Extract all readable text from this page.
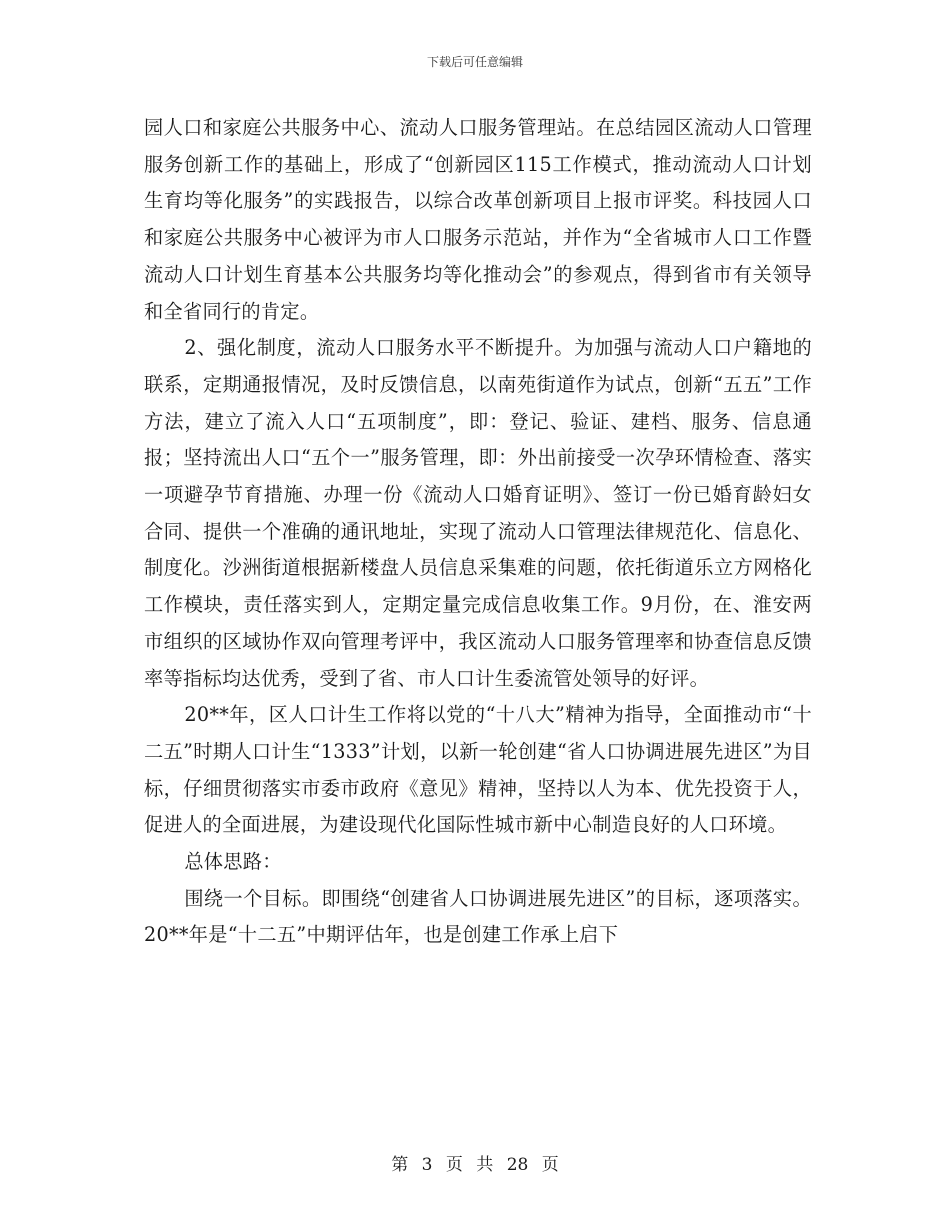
下载后可任意编辑

园人口和家庭公共服务中心、流动人口服务管理站。在总结园区流动人口管理服务创新工作的基础上，形成了“创新园区115工作模式，推动流动人口计划生育均等化服务”的实践报告，以综合改革创新项目上报市评奖。科技园人口和家庭公共服务中心被评为市人口服务示范站，并作为“全省城市人口工作暨流动人口计划生育基本公共服务均等化推动会”的参观点，得到省市有关领导和全省同行的肯定。

2、强化制度，流动人口服务水平不断提升。为加强与流动人口户籍地的联系，定期通报情况，及时反馈信息，以南苑街道作为试点，创新“五五”工作方法，建立了流入人口“五项制度”，即：登记、验证、建档、服务、信息通报；坚持流出人口“五个一”服务管理，即：外出前接受一次孕环情检查、落实一项避孕节育措施、办理一份《流动人口婚育证明》、签订一份已婚育龄妇女合同、提供一个准确的通讯地址，实现了流动人口管理法律规范化、信息化、制度化。沙洲街道根据新楼盘人员信息采集难的问题，依托街道乐立方网格化工作模块，责任落实到人，定期定量完成信息收集工作。9月份，在、淮安两市组织的区域协作双向管理考评中，我区流动人口服务管理率和协查信息反馈率等指标均达优秀，受到了省、市人口计生委流管处领导的好评。

20**年，区人口计生工作将以党的“十八大”精神为指导，全面推动市“十二五”时期人口计生“1333”计划，以新一轮创建“省人口协调进展先进区”为目标，仔细贯彻落实市委市政府《意见》精神，坚持以人为本、优先投资于人，促进人的全面进展，为建设现代化国际性城市新中心制造良好的人口环境。

总体思路：

围绕一个目标。即围绕“创建省人口协调进展先进区”的目标，逐项落实。20**年是“十二五”中期评估年，也是创建工作承上启下

第 3 页 共 28 页
